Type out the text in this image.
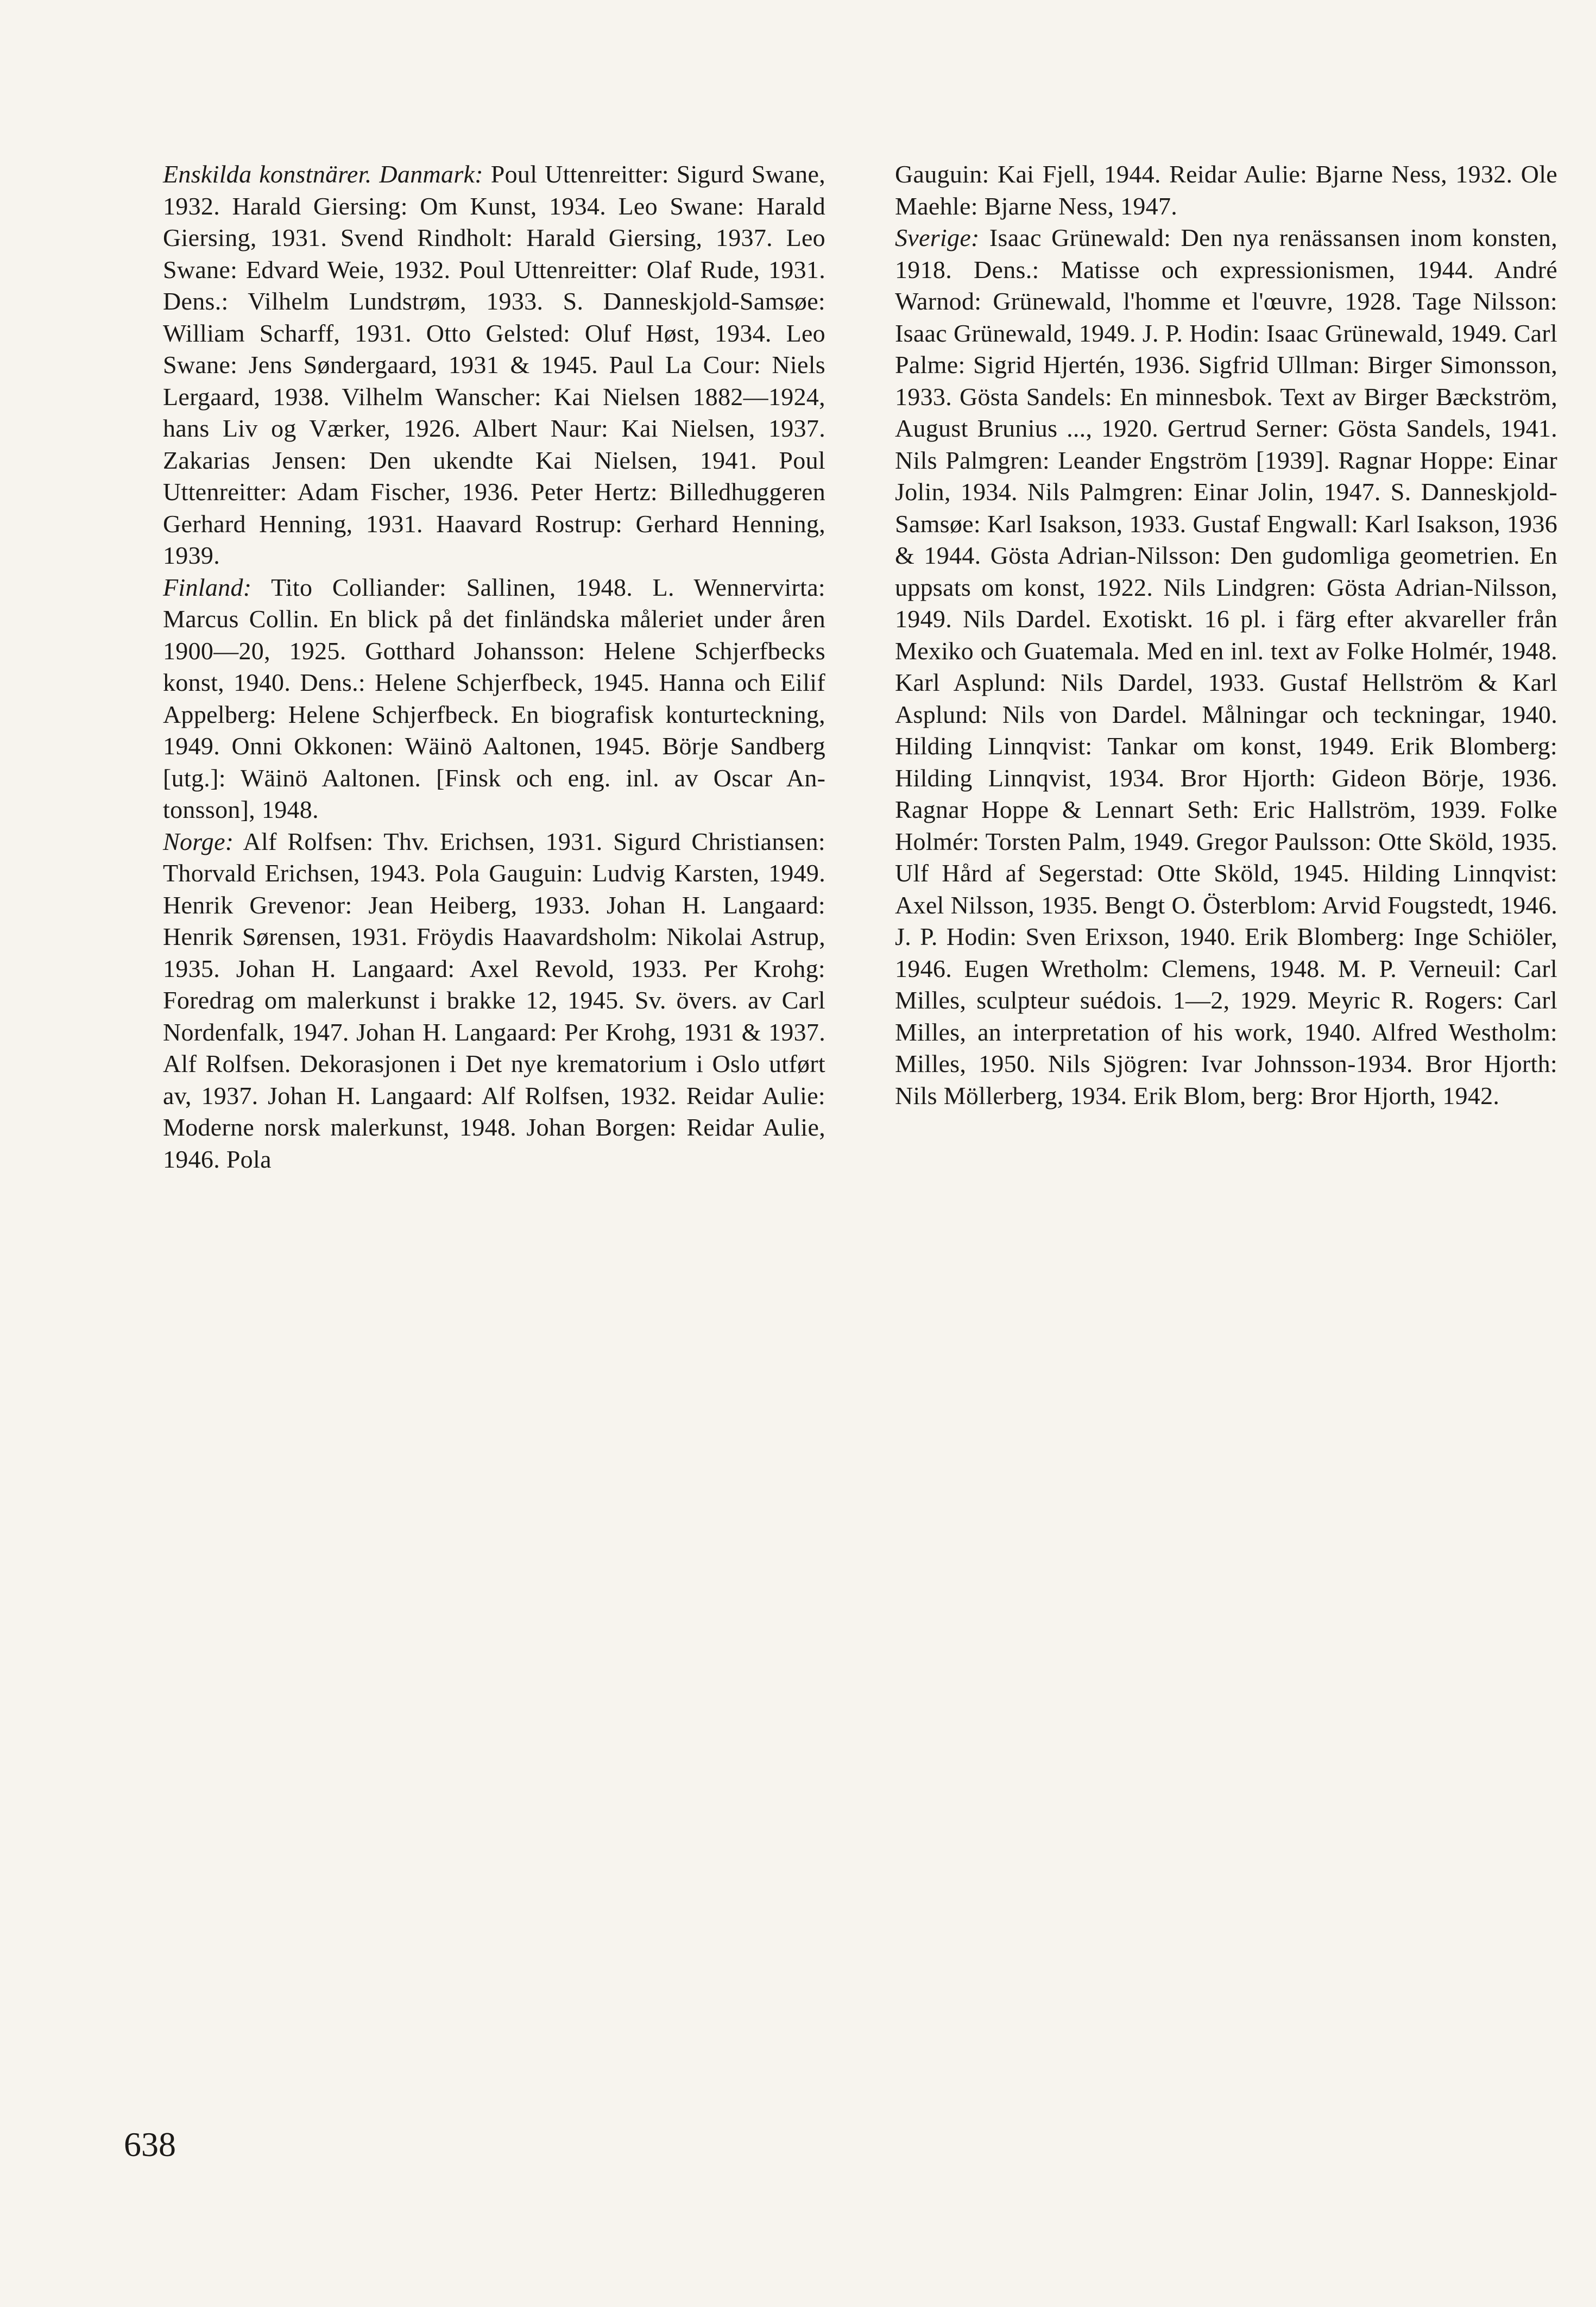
Enskilda konstnärer. Danmark: Poul Uttenreitter: Sigurd Swane, 1932. Harald Giersing: Om Kunst, 1934. Leo Swane: Harald Giersing, 1931. Svend Rindholt: Harald Giersing, 1937. Leo Swane: Edvard Weie, 1932. Poul Uttenreitter: Olaf Rude, 1931. Dens.: Vilhelm Lundstrøm, 1933. S. Danneskjold-Samsøe: William Scharff, 1931. Otto Gelsted: Oluf Høst, 1934. Leo Swane: Jens Søndergaard, 1931 & 1945. Paul La Cour: Niels Lergaard, 1938. Vilhelm Wanscher: Kai Nielsen 1882—1924, hans Liv og Værker, 1926. Albert Naur: Kai Nielsen, 1937. Zakarias Jensen: Den ukendte Kai Nielsen, 1941. Poul Uttenreitter: Adam Fischer, 1936. Peter Hertz: Billedhuggeren Gerhard Henning, 1931. Haavard Rostrup: Gerhard Henning, 1939.

Finland: Tito Colliander: Sallinen, 1948. L. Wennervirta: Marcus Collin. En blick på det finländska måleriet under åren 1900—20, 1925. Gotthard Johansson: Helene Schjerfbecks konst, 1940. Dens.: Helene Schjerfbeck, 1945. Hanna och Eilif Appelberg: Helene Schjerfbeck. En biografisk konturteckning, 1949. Onni Okkonen: Wäinö Aaltonen, 1945. Börje Sandberg [utg.]: Wäinö Aaltonen. [Finsk och eng. inl. av Oscar Antonsson], 1948.

Norge: Alf Rolfsen: Thv. Erichsen, 1931. Sigurd Christiansen: Thorvald Erichsen, 1943. Pola Gauguin: Ludvig Karsten, 1949. Henrik Grevenor: Jean Heiberg, 1933. Johan H. Langaard: Henrik Sørensen, 1931. Fröydis Haavardsholm: Nikolai Astrup, 1935. Johan H. Langaard: Axel Revold, 1933. Per Krohg: Foredrag om malerkunst i brakke 12, 1945. Sv. övers. av Carl Nordenfalk, 1947. Johan H. Langaard: Per Krohg, 1931 & 1937. Alf Rolfsen. Dekorasjonen i Det nye krematorium i Oslo utført av, 1937. Johan H. Langaard: Alf Rolfsen, 1932. Reidar Aulie: Moderne norsk malerkunst, 1948. Johan Borgen: Reidar Aulie, 1946. Pola

Gauguin: Kai Fjell, 1944. Reidar Aulie: Bjarne Ness, 1932. Ole Maehle: Bjarne Ness, 1947.

Sverige: Isaac Grünewald: Den nya renässansen inom konsten, 1918. Dens.: Matisse och expressionismen, 1944. André Warnod: Grünewald, l'homme et l'œuvre, 1928. Tage Nilsson: Isaac Grünewald, 1949. J. P. Hodin: Isaac Grünewald, 1949. Carl Palme: Sigrid Hjertén, 1936. Sigfrid Ullman: Birger Simonsson, 1933. Gösta Sandels: En minnesbok. Text av Birger Bæckström, August Brunius ..., 1920. Gertrud Serner: Gösta Sandels, 1941. Nils Palmgren: Leander Engström [1939]. Ragnar Hoppe: Einar Jolin, 1934. Nils Palmgren: Einar Jolin, 1947. S. Danneskjold-Samsøe: Karl Isakson, 1933. Gustaf Engwall: Karl Isakson, 1936 & 1944. Gösta Adrian-Nilsson: Den gudomliga geometrien. En uppsats om konst, 1922. Nils Lindgren: Gösta Adrian-Nilsson, 1949. Nils Dardel. Exotiskt. 16 pl. i färg efter akvareller från Mexiko och Guatemala. Med en inl. text av Folke Holmér, 1948. Karl Asplund: Nils Dardel, 1933. Gustaf Hellström & Karl Asplund: Nils von Dardel. Målningar och teckningar, 1940. Hilding Linnqvist: Tankar om konst, 1949. Erik Blomberg: Hilding Linnqvist, 1934. Bror Hjorth: Gideon Börje, 1936. Ragnar Hoppe & Lennart Seth: Eric Hallström, 1939. Folke Holmér: Torsten Palm, 1949. Gregor Paulsson: Otte Sköld, 1935. Ulf Hård af Segerstad: Otte Sköld, 1945. Hilding Linnqvist: Axel Nilsson, 1935. Bengt O. Österblom: Arvid Fougstedt, 1946. J. P. Hodin: Sven Erixson, 1940. Erik Blomberg: Inge Schiöler, 1946. Eugen Wretholm: Clemens, 1948. M. P. Verneuil: Carl Milles, sculpteur suédois. 1—2, 1929. Meyric R. Rogers: Carl Milles, an interpretation of his work, 1940. Alfred Westholm: Milles, 1950. Nils Sjögren: Ivar Johnsson-1934. Bror Hjorth: Nils Möllerberg, 1934. Erik Blom, berg: Bror Hjorth, 1942.

638
